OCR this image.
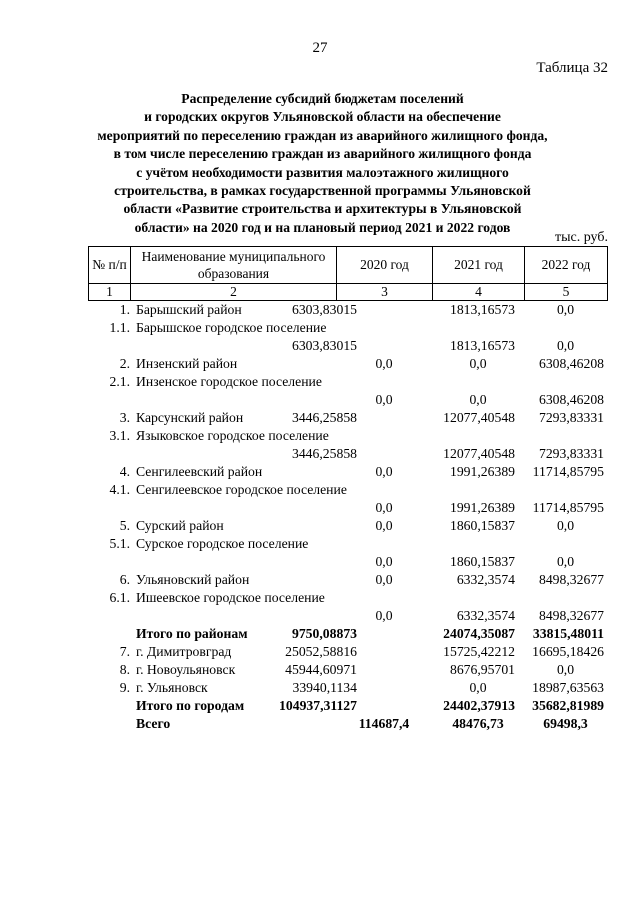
27
Таблица 32
Распределение субсидий бюджетам поселений
и городских округов Ульяновской области на обеспечение
мероприятий по переселению граждан из аварийного жилищного фонда,
в том числе переселению граждан из аварийного жилищного фонда
с учётом необходимости развития малоэтажного жилищного
строительства, в рамках государственной программы Ульяновской
области «Развитие строительства и архитектуры в Ульяновской
области» на 2020 год и на плановый период 2021 и 2022 годов
тыс. руб.
№ п/п	Наименование муниципального образования	2020 год	2021 год	2022 год
1	2	3	4	5
1. Барышский район	6303,83015	1813,16573	0,0
1.1. Барышское городское поселение
6303,83015	1813,16573	0,0
2. Инзенский район	0,0	0,0	6308,46208
2.1. Инзенское городское поселение
0,0	0,0	6308,46208
3. Карсунский район	3446,25858	12077,40548 7293,83331
3.1. Языковское городское поселение
3446,25858	12077,40548 7293,83331
4. Сенгилеевский район	0,0	1991,26389 11714,85795
4.1. Сенгилеевское городское поселение
0,0	1991,26389 11714,85795
5. Сурский район	0,0	1860,15837	0,0
5.1. Сурское городское поселение
0,0	1860,15837	0,0
6. Ульяновский район	0,0	6332,3574 8498,32677
6.1. Ишеевское городское поселение
0,0	6332,3574 8498,32677
Итого по районам	9750,08873	24074,35087 33815,48011
7. г. Димитровград	25052,58816	15725,42212 16695,18426
8. г. Новоульяновск	45944,60971	8676,95701	0,0
9. г. Ульяновск	33940,1134	0,0	18987,63563
Итого по городам	104937,31127	24402,37913 35682,81989
Всего	114687,4	48476,73	69498,3
